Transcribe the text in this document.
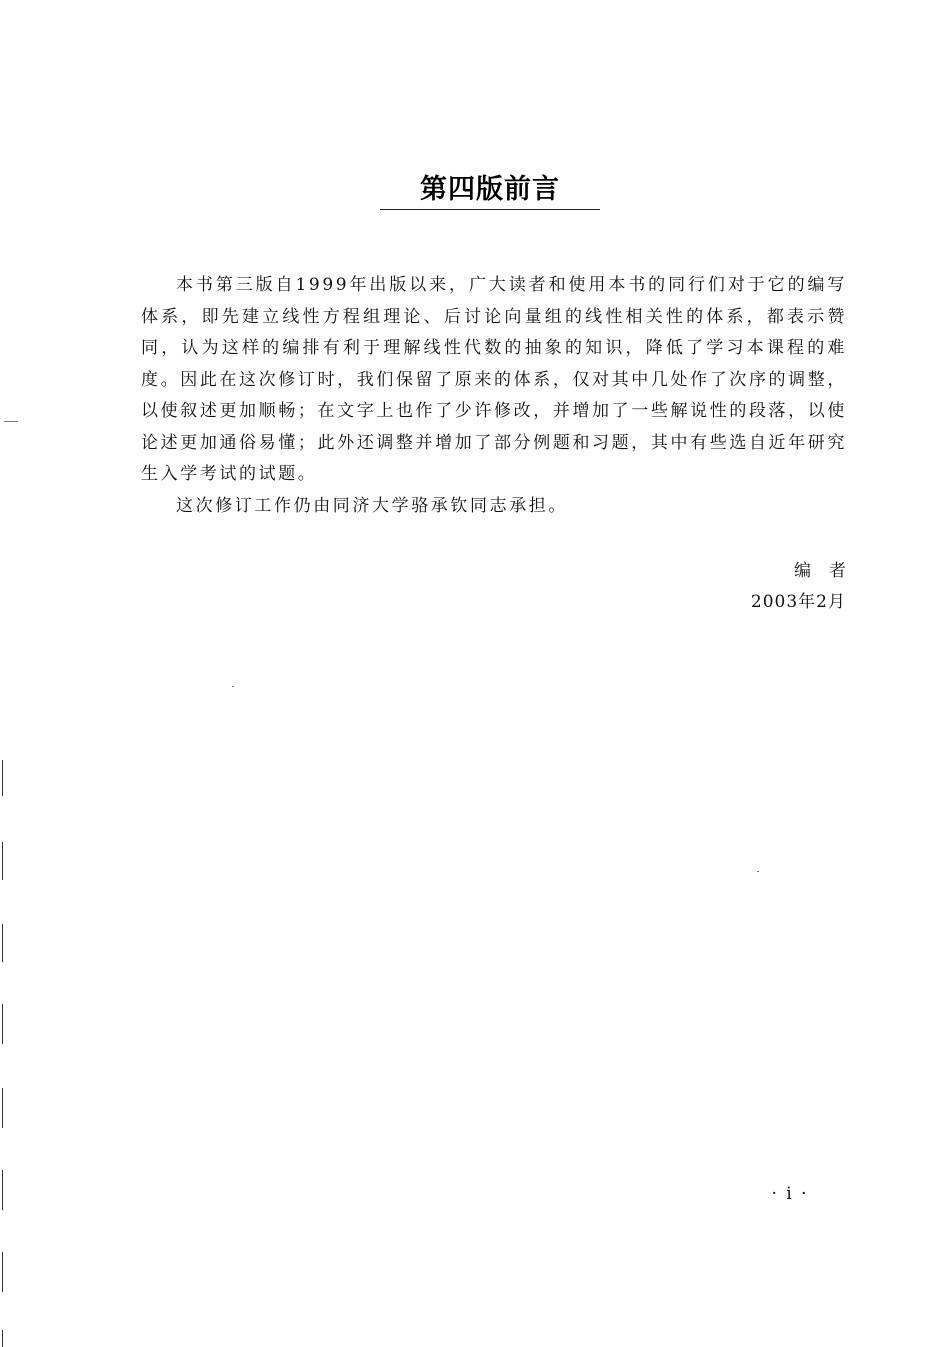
第四版前言

本书第三版自1999年出版以来，广大读者和使用本书的同行们对于它的编写体系，即先建立线性方程组理论、后讨论向量组的线性相关性的体系，都表示赞同，认为这样的编排有利于理解线性代数的抽象的知识，降低了学习本课程的难度。因此在这次修订时，我们保留了原来的体系，仅对其中几处作了次序的调整，以使叙述更加顺畅；在文字上也作了少许修改，并增加了一些解说性的段落，以使论述更加通俗易懂；此外还调整并增加了部分例题和习题，其中有些选自近年研究生入学考试的试题。

这次修订工作仍由同济大学骆承钦同志承担。

编者
2003年2月
· i ·
